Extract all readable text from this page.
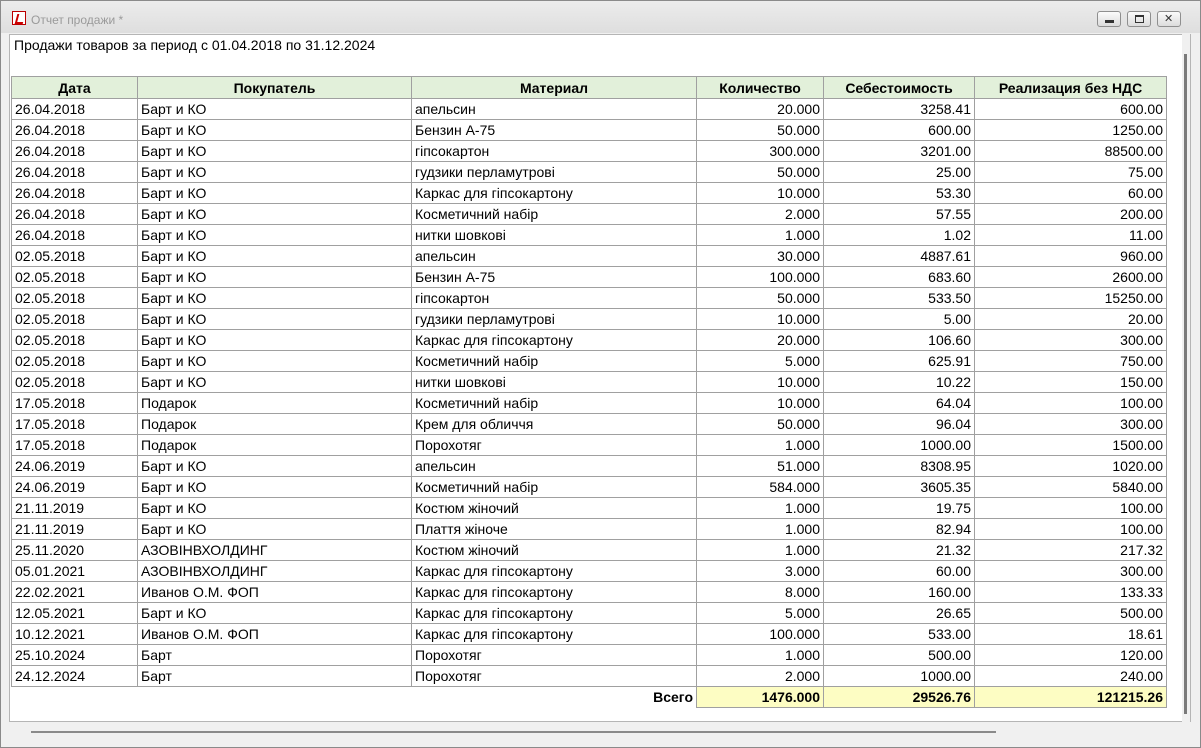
Отчет продажи *	✕
Продажи товаров за период с 01.04.2018 по 31.12.2024
Дата	Покупатель	Материал	Количество	Себестоимость	Реализация без НДС
26.04.2018	Барт и КО	апельсин	20.000	3258.41	600.00
26.04.2018	Барт и КО	Бензин А-75	50.000	600.00	1250.00
26.04.2018	Барт и КО	гіпсокартон	300.000	3201.00	88500.00
26.04.2018	Барт и КО	гудзики перламутрові	50.000	25.00	75.00
26.04.2018	Барт и КО	Каркас для гіпсокартону	10.000	53.30	60.00
26.04.2018	Барт и КО	Косметичний набір	2.000	57.55	200.00
26.04.2018	Барт и КО	нитки шовкові	1.000	1.02	11.00
02.05.2018	Барт и КО	апельсин	30.000	4887.61	960.00
02.05.2018	Барт и КО	Бензин А-75	100.000	683.60	2600.00
02.05.2018	Барт и КО	гіпсокартон	50.000	533.50	15250.00
02.05.2018	Барт и КО	гудзики перламутрові	10.000	5.00	20.00
02.05.2018	Барт и КО	Каркас для гіпсокартону	20.000	106.60	300.00
02.05.2018	Барт и КО	Косметичний набір	5.000	625.91	750.00
02.05.2018	Барт и КО	нитки шовкові	10.000	10.22	150.00
17.05.2018	Подарок	Косметичний набір	10.000	64.04	100.00
17.05.2018	Подарок	Крем для обличчя	50.000	96.04	300.00
17.05.2018	Подарок	Порохотяг	1.000	1000.00	1500.00
24.06.2019	Барт и КО	апельсин	51.000	8308.95	1020.00
24.06.2019	Барт и КО	Косметичний набір	584.000	3605.35	5840.00
21.11.2019	Барт и КО	Костюм жіночий	1.000	19.75	100.00
21.11.2019	Барт и КО	Плаття жіноче	1.000	82.94	100.00
25.11.2020	АЗОВІНВХОЛДИНГ	Костюм жіночий	1.000	21.32	217.32
05.01.2021	АЗОВІНВХОЛДИНГ	Каркас для гіпсокартону	3.000	60.00	300.00
22.02.2021	Иванов О.М. ФОП	Каркас для гіпсокартону	8.000	160.00	133.33
12.05.2021	Барт и КО	Каркас для гіпсокартону	5.000	26.65	500.00
10.12.2021	Иванов О.М. ФОП	Каркас для гіпсокартону	100.000	533.00	18.61
25.10.2024	Барт	Порохотяг	1.000	500.00	120.00
24.12.2024	Барт	Порохотяг	2.000	1000.00	240.00
		Всего	1476.000	29526.76	121215.26
